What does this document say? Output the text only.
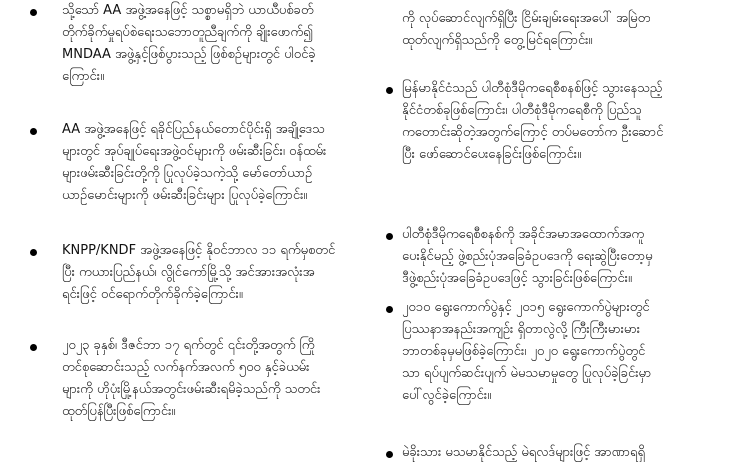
သို့သော် AA အဖွဲ့အနေဖြင့် သစ္စာမရှိဘဲ ယာယီပစ်ခတ်
တိုက်ခိုက်မှုရပ်စဲရေးသဘောတူညီချက်ကို ချိုးဖောက်၍
MNDAA အဖွဲ့နှင့်ဖြစ်ပွားသည့် ဖြစ်စဉ်များတွင် ပါဝင်ခဲ့
ကြောင်း။
AA အဖွဲ့အနေဖြင့် ရခိုင်ပြည်နယ်တောင်ပိုင်းရှိ အချို့ဒေသ
များတွင် အုပ်ချုပ်ရေးအဖွဲ့ဝင်များကို ဖမ်းဆီးခြင်း၊ ဝန်ထမ်း
များဖမ်းဆီးခြင်းတို့ကို ပြုလုပ်ခဲ့သကဲ့သို့ မော်တော်ယာဉ်
ယာဉ်မောင်းများကို ဖမ်းဆီးခြင်းများ ပြုလုပ်ခဲ့ကြောင်း။
KNPP/KNDF အဖွဲ့အနေဖြင့် နိုဝင်ဘာလ ၁၁ ရက်မှစတင်
ပြီး ကယားပြည်နယ်၊ လွိုင်ကော်မြို့သို့ အင်အားအလုံးအ
ရင်းဖြင့် ဝင်ရောက်တိုက်ခိုက်ခဲ့ကြောင်း။
၂၀၂၃ ခုနှစ်၊ ဒီဇင်ဘာ ၁၇ ရက်တွင် ၎င်းတို့အတွက် ကြို
တင်စုဆောင်းသည့် လက်နက်အလက် ၅၀၀ နှင့်ခဲယမ်း
များကို ဟိုပုံးမြို့နယ်အတွင်းဖမ်းဆီးရမိခဲ့သည်ကို သတင်း
ထုတ်ပြန်ပြီးဖြစ်ကြောင်း။
ကို လုပ်ဆောင်လျက်ရှိပြီး ငြိမ်းချမ်းရေးအပေါ် အမြဲတ
ထုတ်လျက်ရှိသည်ကို တွေ့မြင်ရကြောင်း။
မြန်မာနိုင်ငံသည် ပါတီစုံဒီမိုကရေစီစနစ်ဖြင့် သွားနေသည့်
နိုင်ငံတစ်ခုဖြစ်ကြောင်း၊ ပါတီစုံဒီမိုကရေစီကို ပြည်သူ
ကတောင်းဆိုတဲ့အတွက်ကြောင့် တပ်မတော်က ဦးဆောင်
ပြီး ဖော်ဆောင်ပေးနေခြင်းဖြစ်ကြောင်း။
ပါတီစုံဒီမိုကရေစီစနစ်ကို အခိုင်အမာအထောက်အကူ
ပေးနိုင်မည့် ဖွဲ့စည်းပုံအခြေခံဥပဒေကို ရေးဆွဲပြီးတော့မှ
ဒီဖွဲ့စည်းပုံအခြေခံဥပဒေဖြင့် သွားခြင်းဖြစ်ကြောင်း။
၂၀၁၀ ရွေးကောက်ပွဲနှင့် ၂၀၁၅ ရွေးကောက်ပွဲများတွင်
ပြဿနာအနည်းအကျဉ်း ရှိတာလွဲလို့ ကြီးကြီးမားမား
ဘာတစ်ခုမှမဖြစ်ခဲ့ကြောင်း၊ ၂၀၂၀ ရွေးကောက်ပွဲတွင်
သာ ရပ်ပျက်ဆင်းပျက် မဲမသမာမှုတွေ ပြုလုပ်ခဲ့ခြင်းမှာ
ပေါ်လွင်ခဲ့ကြောင်း။
မဲခိုးသား မသမာနိုင်သည့် မဲရလဒ်များဖြင့် အာဏာရရှိ
